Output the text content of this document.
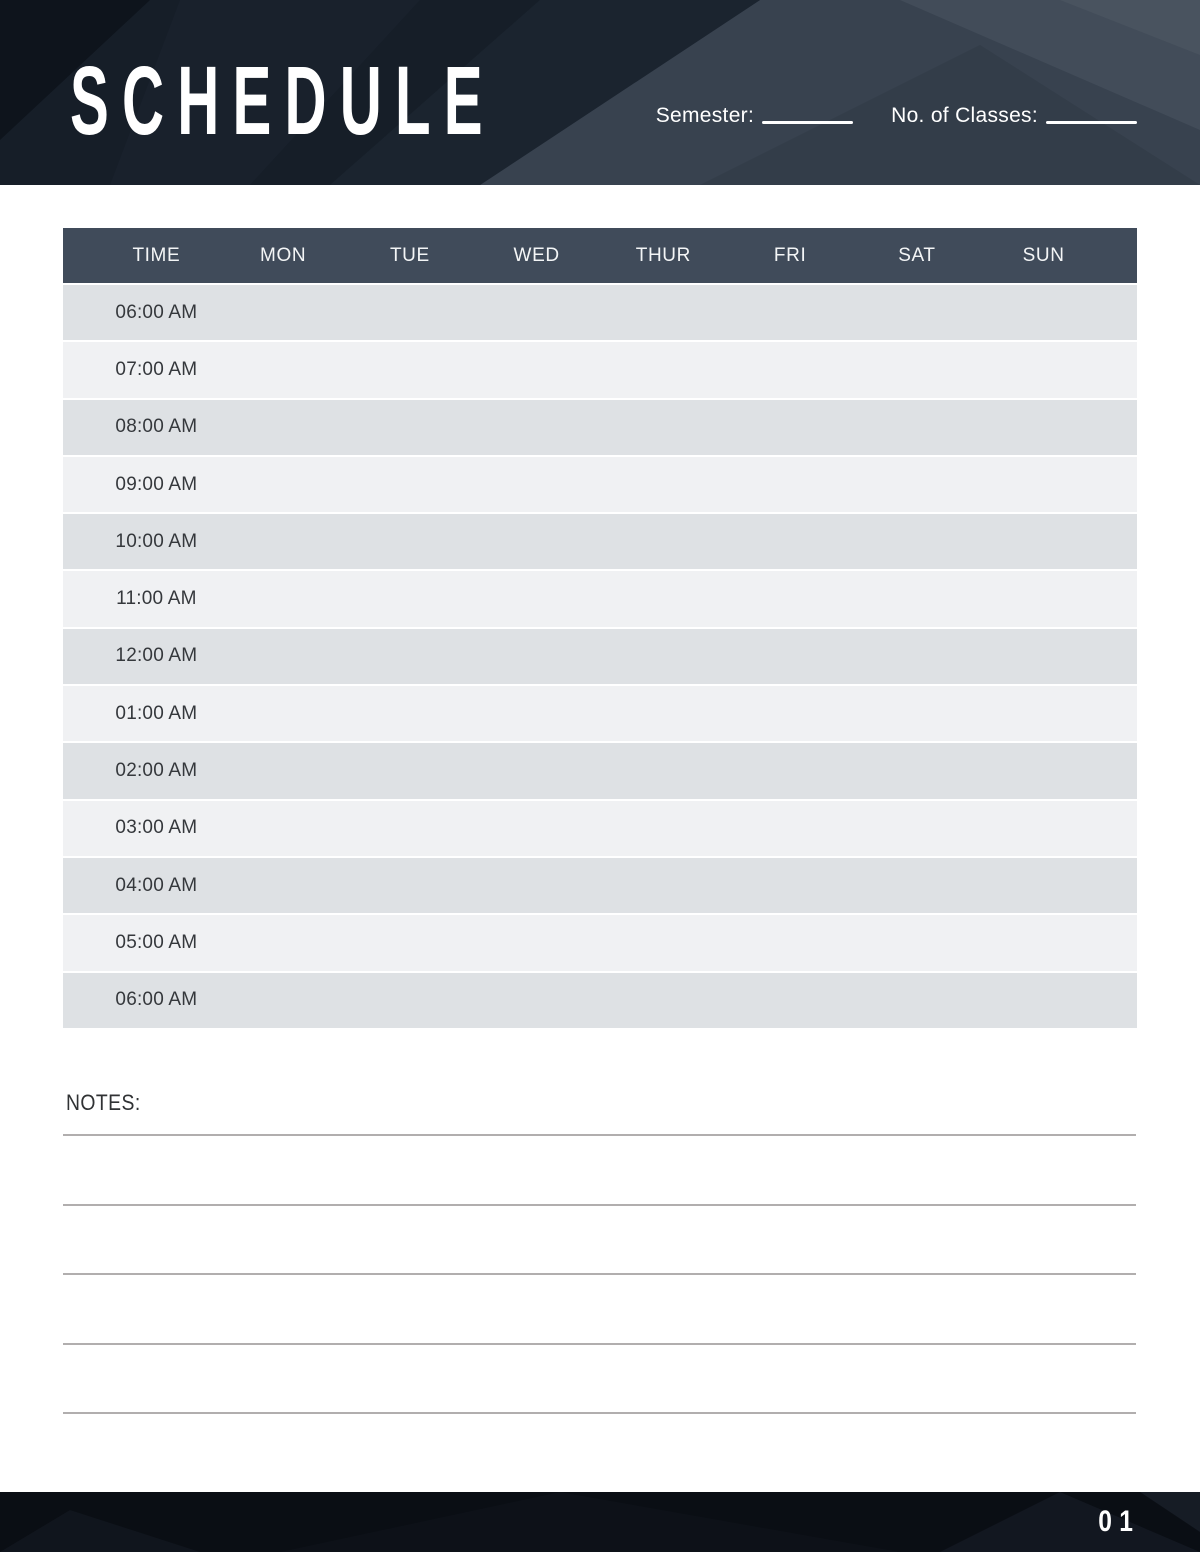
SCHEDULE	Semester:	No. of Classes:
TIME	MON	TUE	WED	THUR	FRI	SAT	SUN
06:00 AM
07:00 AM
08:00 AM
09:00 AM
10:00 AM
11:00 AM
12:00 AM
01:00 AM
02:00 AM
03:00 AM
04:00 AM
05:00 AM
06:00 AM
NOTES:
01
